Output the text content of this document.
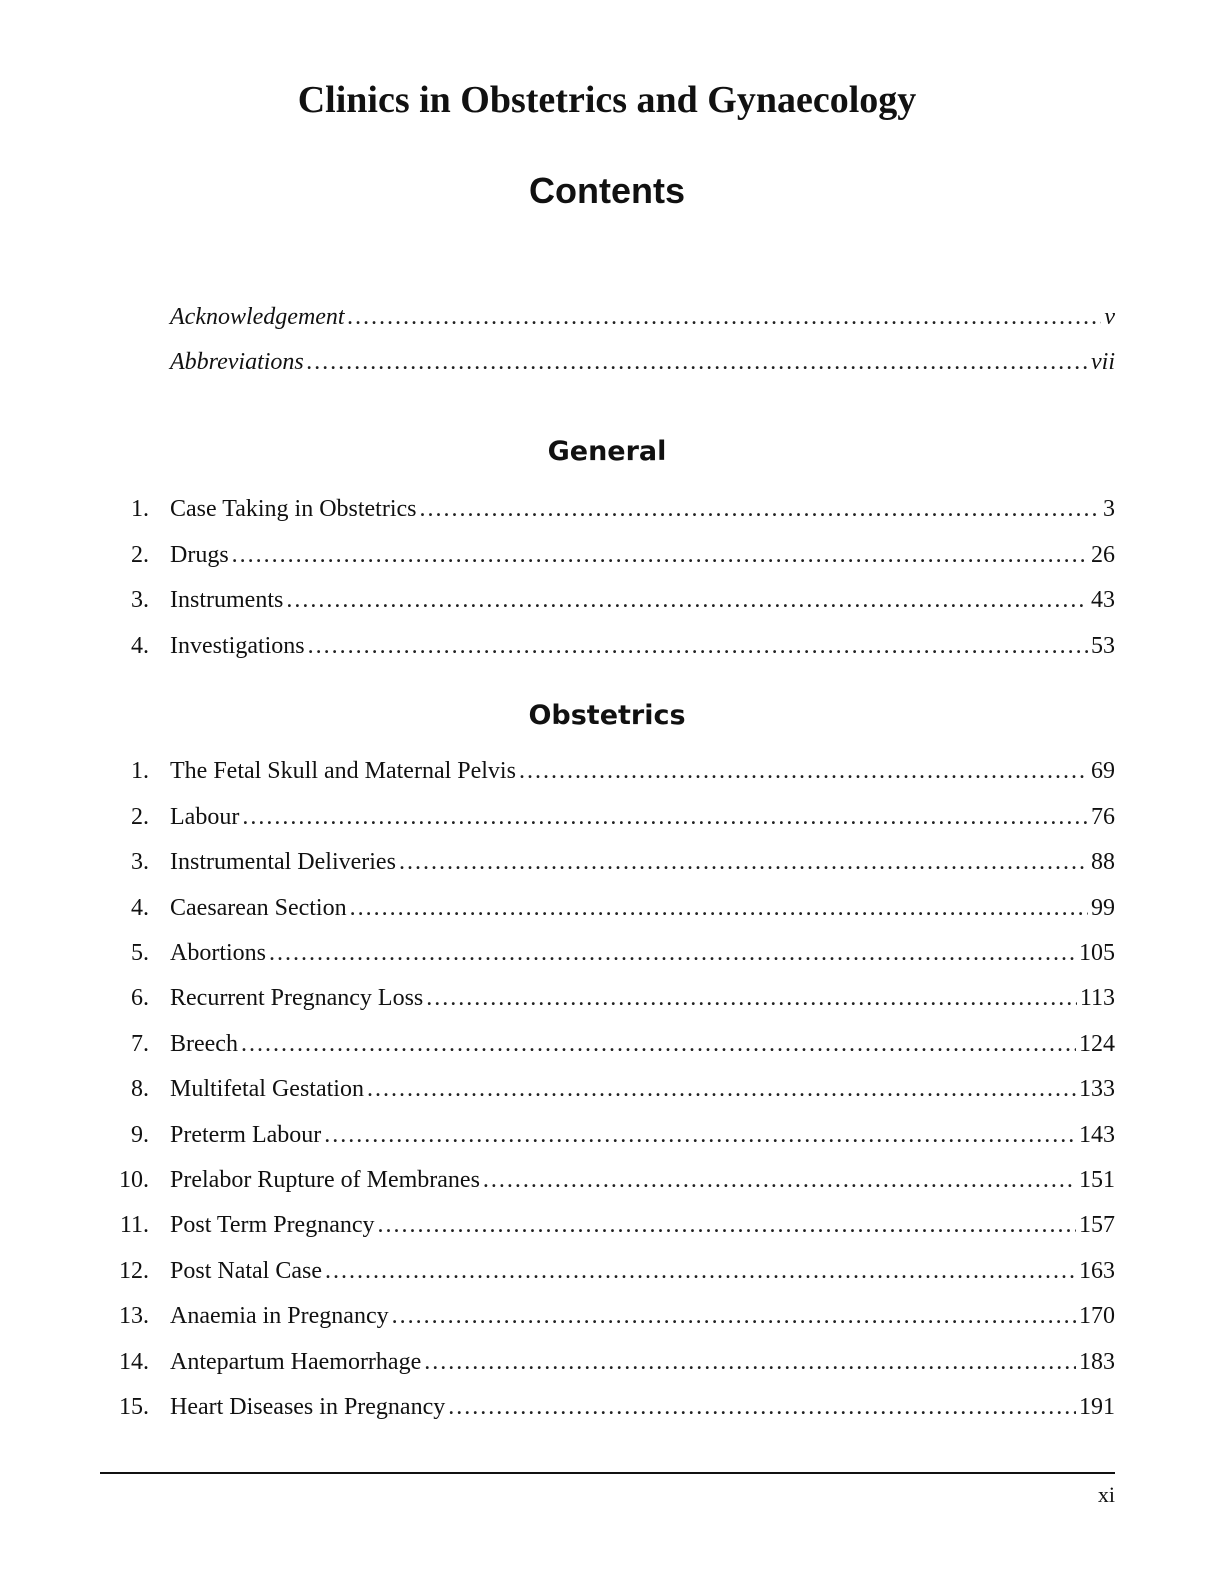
Clinics in Obstetrics and Gynaecology
Contents
Acknowledgement .....	v
Abbreviations .....	vii
General
1. Case Taking in Obstetrics .....	3
2. Drugs .....	26
3. Instruments .....	43
4. Investigations .....	53
Obstetrics
1. The Fetal Skull and Maternal Pelvis .....	69
2. Labour .....	76
3. Instrumental Deliveries .....	88
4. Caesarean Section .....	99
5. Abortions .....	105
6. Recurrent Pregnancy Loss .....	113
7. Breech .....	124
8. Multifetal Gestation .....	133
9. Preterm Labour .....	143
10. Prelabor Rupture of Membranes .....	151
11. Post Term Pregnancy .....	157
12. Post Natal Case .....	163
13. Anaemia in Pregnancy .....	170
14. Antepartum Haemorrhage .....	183
15. Heart Diseases in Pregnancy .....	191
xi
